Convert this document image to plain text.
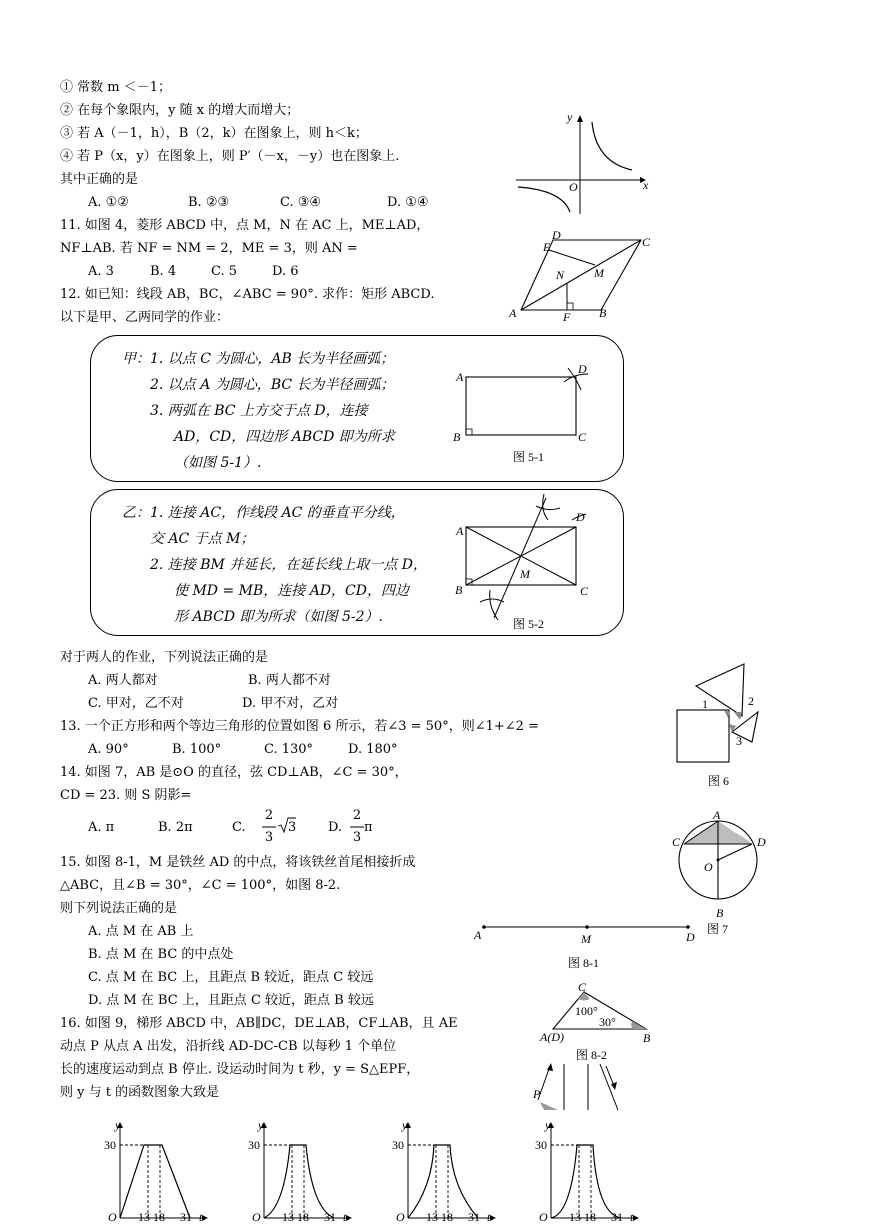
① 常数 m ＜－1；
② 在每个象限内，y 随 x 的增大而增大；
③ 若 A（－1，h），B（2，k）在图象上，则 h＜k；
④ 若 P（x，y）在图象上，则 P′（－x，－y）也在图象上.
其中正确的是
A. ①②	B. ②③	C. ③④	D. ①④
y
O	x
11. 如图 4，菱形 ABCD 中，点 M，N 在 AC 上，ME⊥AD，
NF⊥AB. 若 NF = NM = 2，ME = 3，则 AN =
A. 3	B. 4	C. 5	D. 6
D
E	C
N M
A	F B
12. 如已知：线段 AB，BC，∠ABC = 90°. 求作：矩形 ABCD.
以下是甲、乙两同学的作业：
甲：1. 以点 C 为圆心，AB 长为半径画弧；
2. 以点 A 为圆心，BC 长为半径画弧；
3. 两弧在 BC 上方交于点 D，连接
AD，CD，四边形 ABCD 即为所求
（如图 5-1）.
A
D
B	C
图 5-1
乙：1. 连接 AC，作线段 AC 的垂直平分线，
交 AC 于点 M；
2. 连接 BM 并延长，在延长线上取一点 D，
使 MD = MB，连接 AD，CD，四边
形 ABCD 即为所求（如图 5-2）.
A
D
B	C
M
图 5-2
对于两人的作业，下列说法正确的是
A. 两人都对	B. 两人都不对
C. 甲对，乙不对	D. 甲不对，乙对
13. 一个正方形和两个等边三角形的位置如图 6 所示，若∠3 = 50°，则∠1+∠2 =
A. 90°	B. 100°	C. 130°	D. 180°
1	2
3
图 6
14. 如图 7，AB 是⊙O 的直径，弦 CD⊥AB，∠C = 30°，
CD = 23. 则 S 阴影=
A. π	B. 2π	C.
2
3
3 D.
2
3
π
A
C	D
O
B
图 7
15. 如图 8-1，M 是铁丝 AD 的中点，将该铁丝首尾相接折成
△ABC，且∠B = 30°，∠C = 100°，如图 8-2.
则下列说法正确的是
A. 点 M 在 AB 上
B. 点 M 在 BC 的中点处
C. 点 M 在 BC 上，且距点 B 较近，距点 C 较远
D. 点 M 在 BC 上，且距点 C 较近，距点 B 较远
A	M	D
图 8-1
C
100°
30°
A(D)	B
图 8-2
16. 如图 9，梯形 ABCD 中，AB∥DC，DE⊥AB，CF⊥AB，且 AE
动点 P 从点 A 出发，沿折线 AD-DC-CB 以每秒 1 个单位
长的速度运动到点 B 停止. 设运动时间为 t 秒，y = S△EPF，
则 y 与 t 的函数图象大致是	P
y
30
O 13 18 31 t
y
30
O 13 18 31 t
y
30
O 13 18 31 t
y
30
O 13 18 31 t
